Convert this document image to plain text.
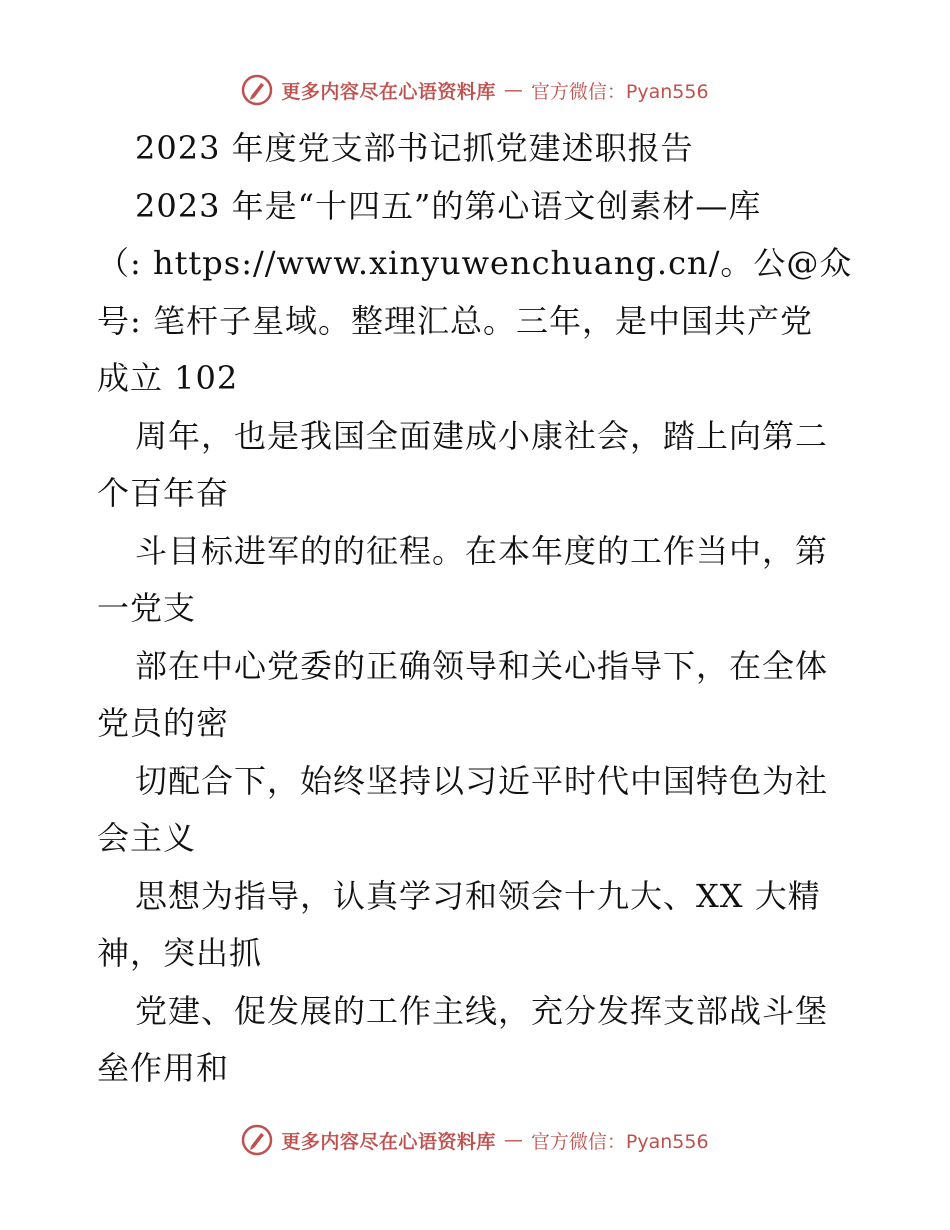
更多内容尽在心语资料库 — 官方微信：Pyan556
2023 年度党支部书记抓党建述职报告
2023 年是“十四五”的第心语文创素材—库
（: https://www.xinyuwenchuang.cn/。公@众
号: 笔杆子星域。整理汇总。三年，是中国共产党
成立 102
周年，也是我国全面建成小康社会，踏上向第二
个百年奋
斗目标进军的的征程。在本年度的工作当中，第
一党支
部在中心党委的正确领导和关心指导下，在全体
党员的密
切配合下，始终坚持以习近平时代中国特色为社
会主义
思想为指导，认真学习和领会十九大、XX 大精
神，突出抓
党建、促发展的工作主线，充分发挥支部战斗堡
垒作用和
更多内容尽在心语资料库 — 官方微信：Pyan556
